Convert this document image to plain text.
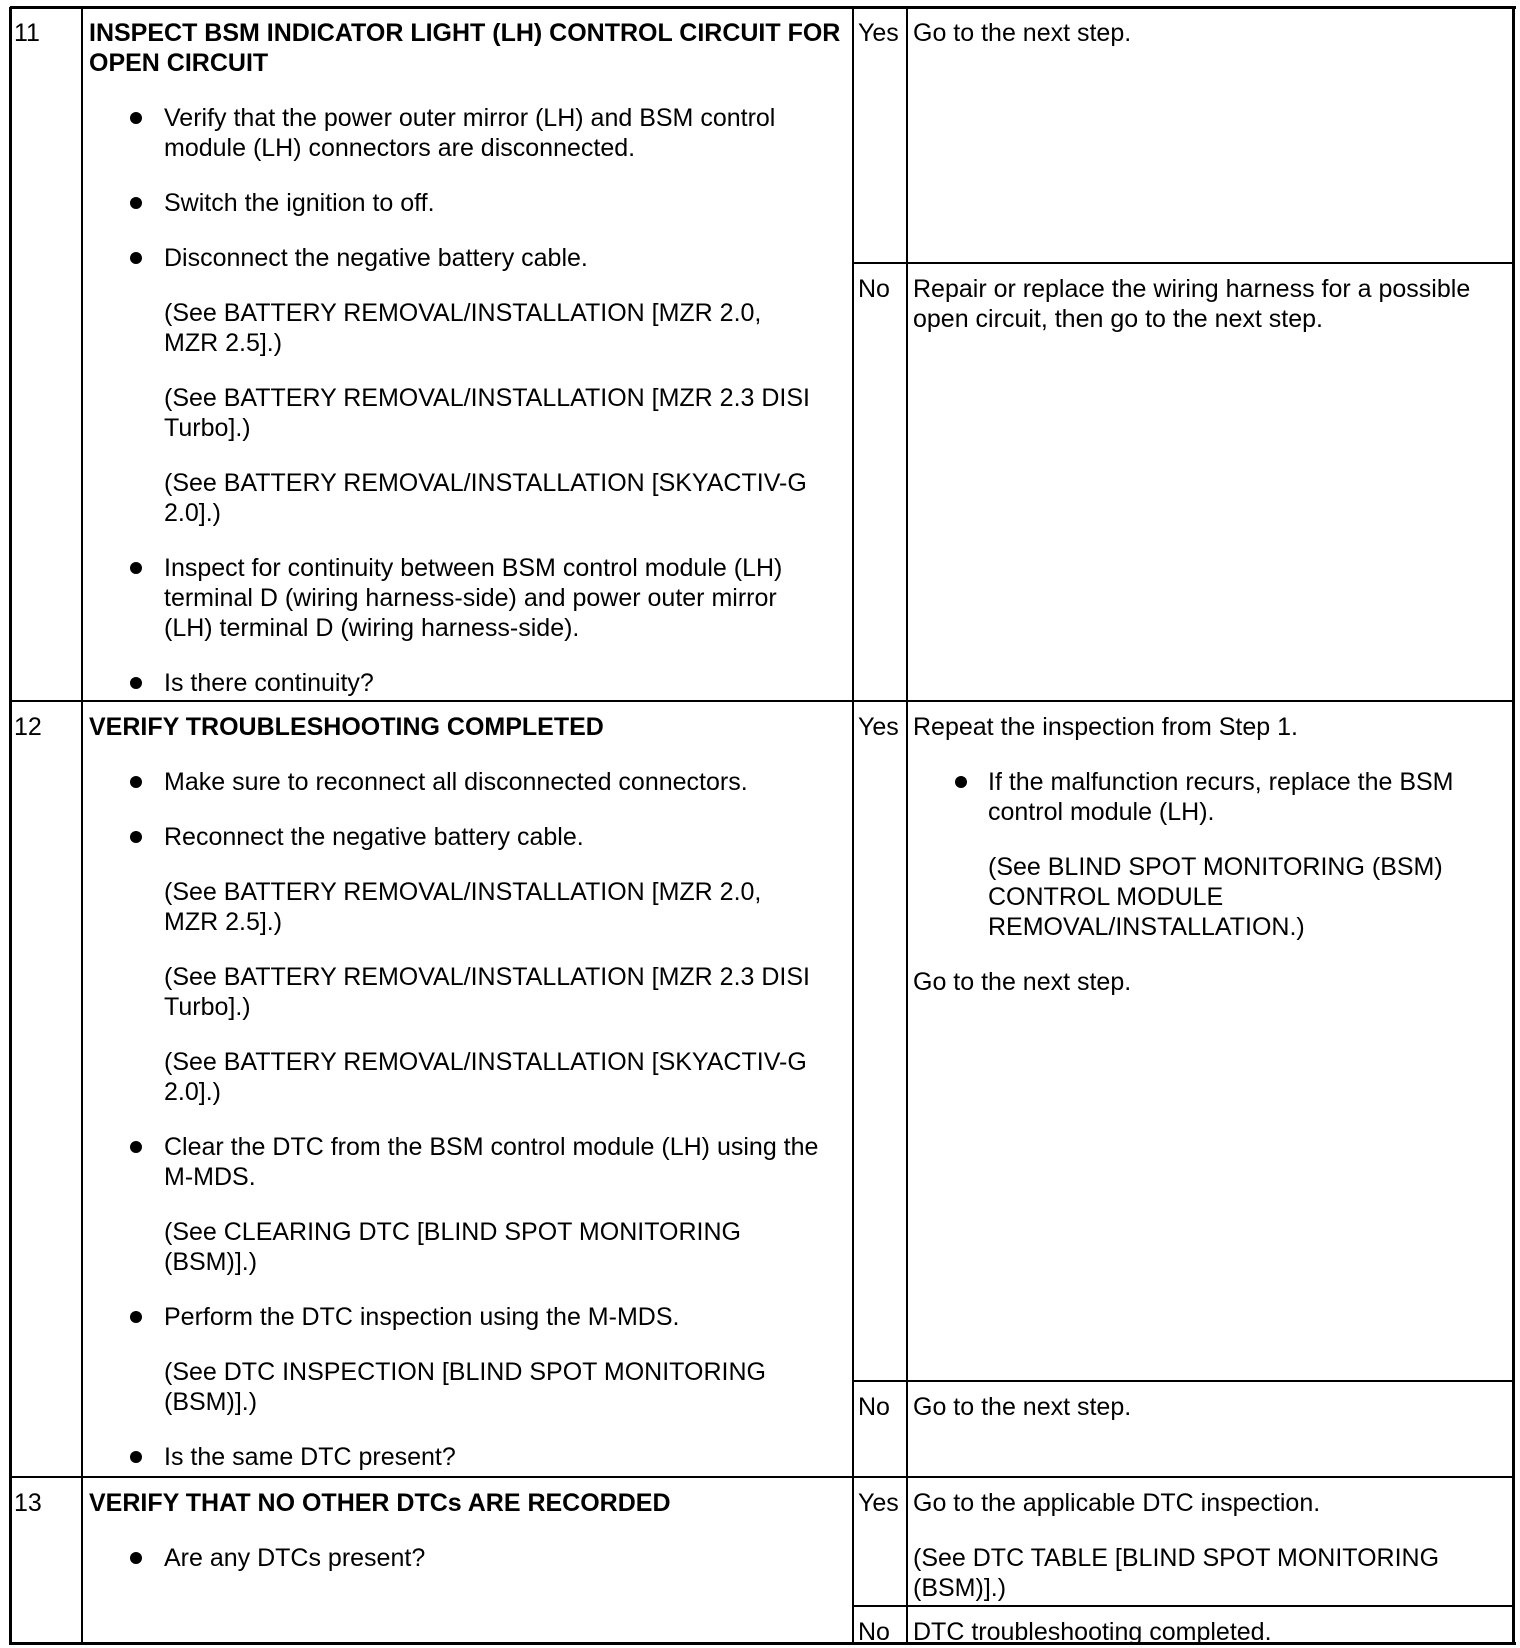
11 INSPECT BSM INDICATOR LIGHT (LH) CONTROL CIRCUIT FOR
OPEN CIRCUIT
Verify that the power outer mirror (LH) and BSM control
module (LH) connectors are disconnected.
Switch the ignition to off.
Disconnect the negative battery cable.
(See BATTERY REMOVAL/INSTALLATION [MZR 2.0,
MZR 2.5].)
(See BATTERY REMOVAL/INSTALLATION [MZR 2.3 DISI
Turbo].)
(See BATTERY REMOVAL/INSTALLATION [SKYACTIV-G
2.0].)
Inspect for continuity between BSM control module (LH)
terminal D (wiring harness-side) and power outer mirror
(LH) terminal D (wiring harness-side).
Is there continuity?
Yes Go to the next step.
No Repair or replace the wiring harness for a possible
open circuit, then go to the next step.
12 VERIFY TROUBLESHOOTING COMPLETED
Make sure to reconnect all disconnected connectors.
Reconnect the negative battery cable.
(See BATTERY REMOVAL/INSTALLATION [MZR 2.0,
MZR 2.5].)
(See BATTERY REMOVAL/INSTALLATION [MZR 2.3 DISI
Turbo].)
(See BATTERY REMOVAL/INSTALLATION [SKYACTIV-G
2.0].)
Clear the DTC from the BSM control module (LH) using the
M-MDS.
(See CLEARING DTC [BLIND SPOT MONITORING
(BSM)].)
Perform the DTC inspection using the M-MDS.
(See DTC INSPECTION [BLIND SPOT MONITORING
(BSM)].)
Is the same DTC present?
Yes Repeat the inspection from Step 1.
If the malfunction recurs, replace the BSM
control module (LH).
(See BLIND SPOT MONITORING (BSM)
CONTROL MODULE
REMOVAL/INSTALLATION.)
Go to the next step.
No Go to the next step.
13 VERIFY THAT NO OTHER DTCs ARE RECORDED
Are any DTCs present?
Yes Go to the applicable DTC inspection.
(See DTC TABLE [BLIND SPOT MONITORING
(BSM)].)
No DTC troubleshooting completed.
